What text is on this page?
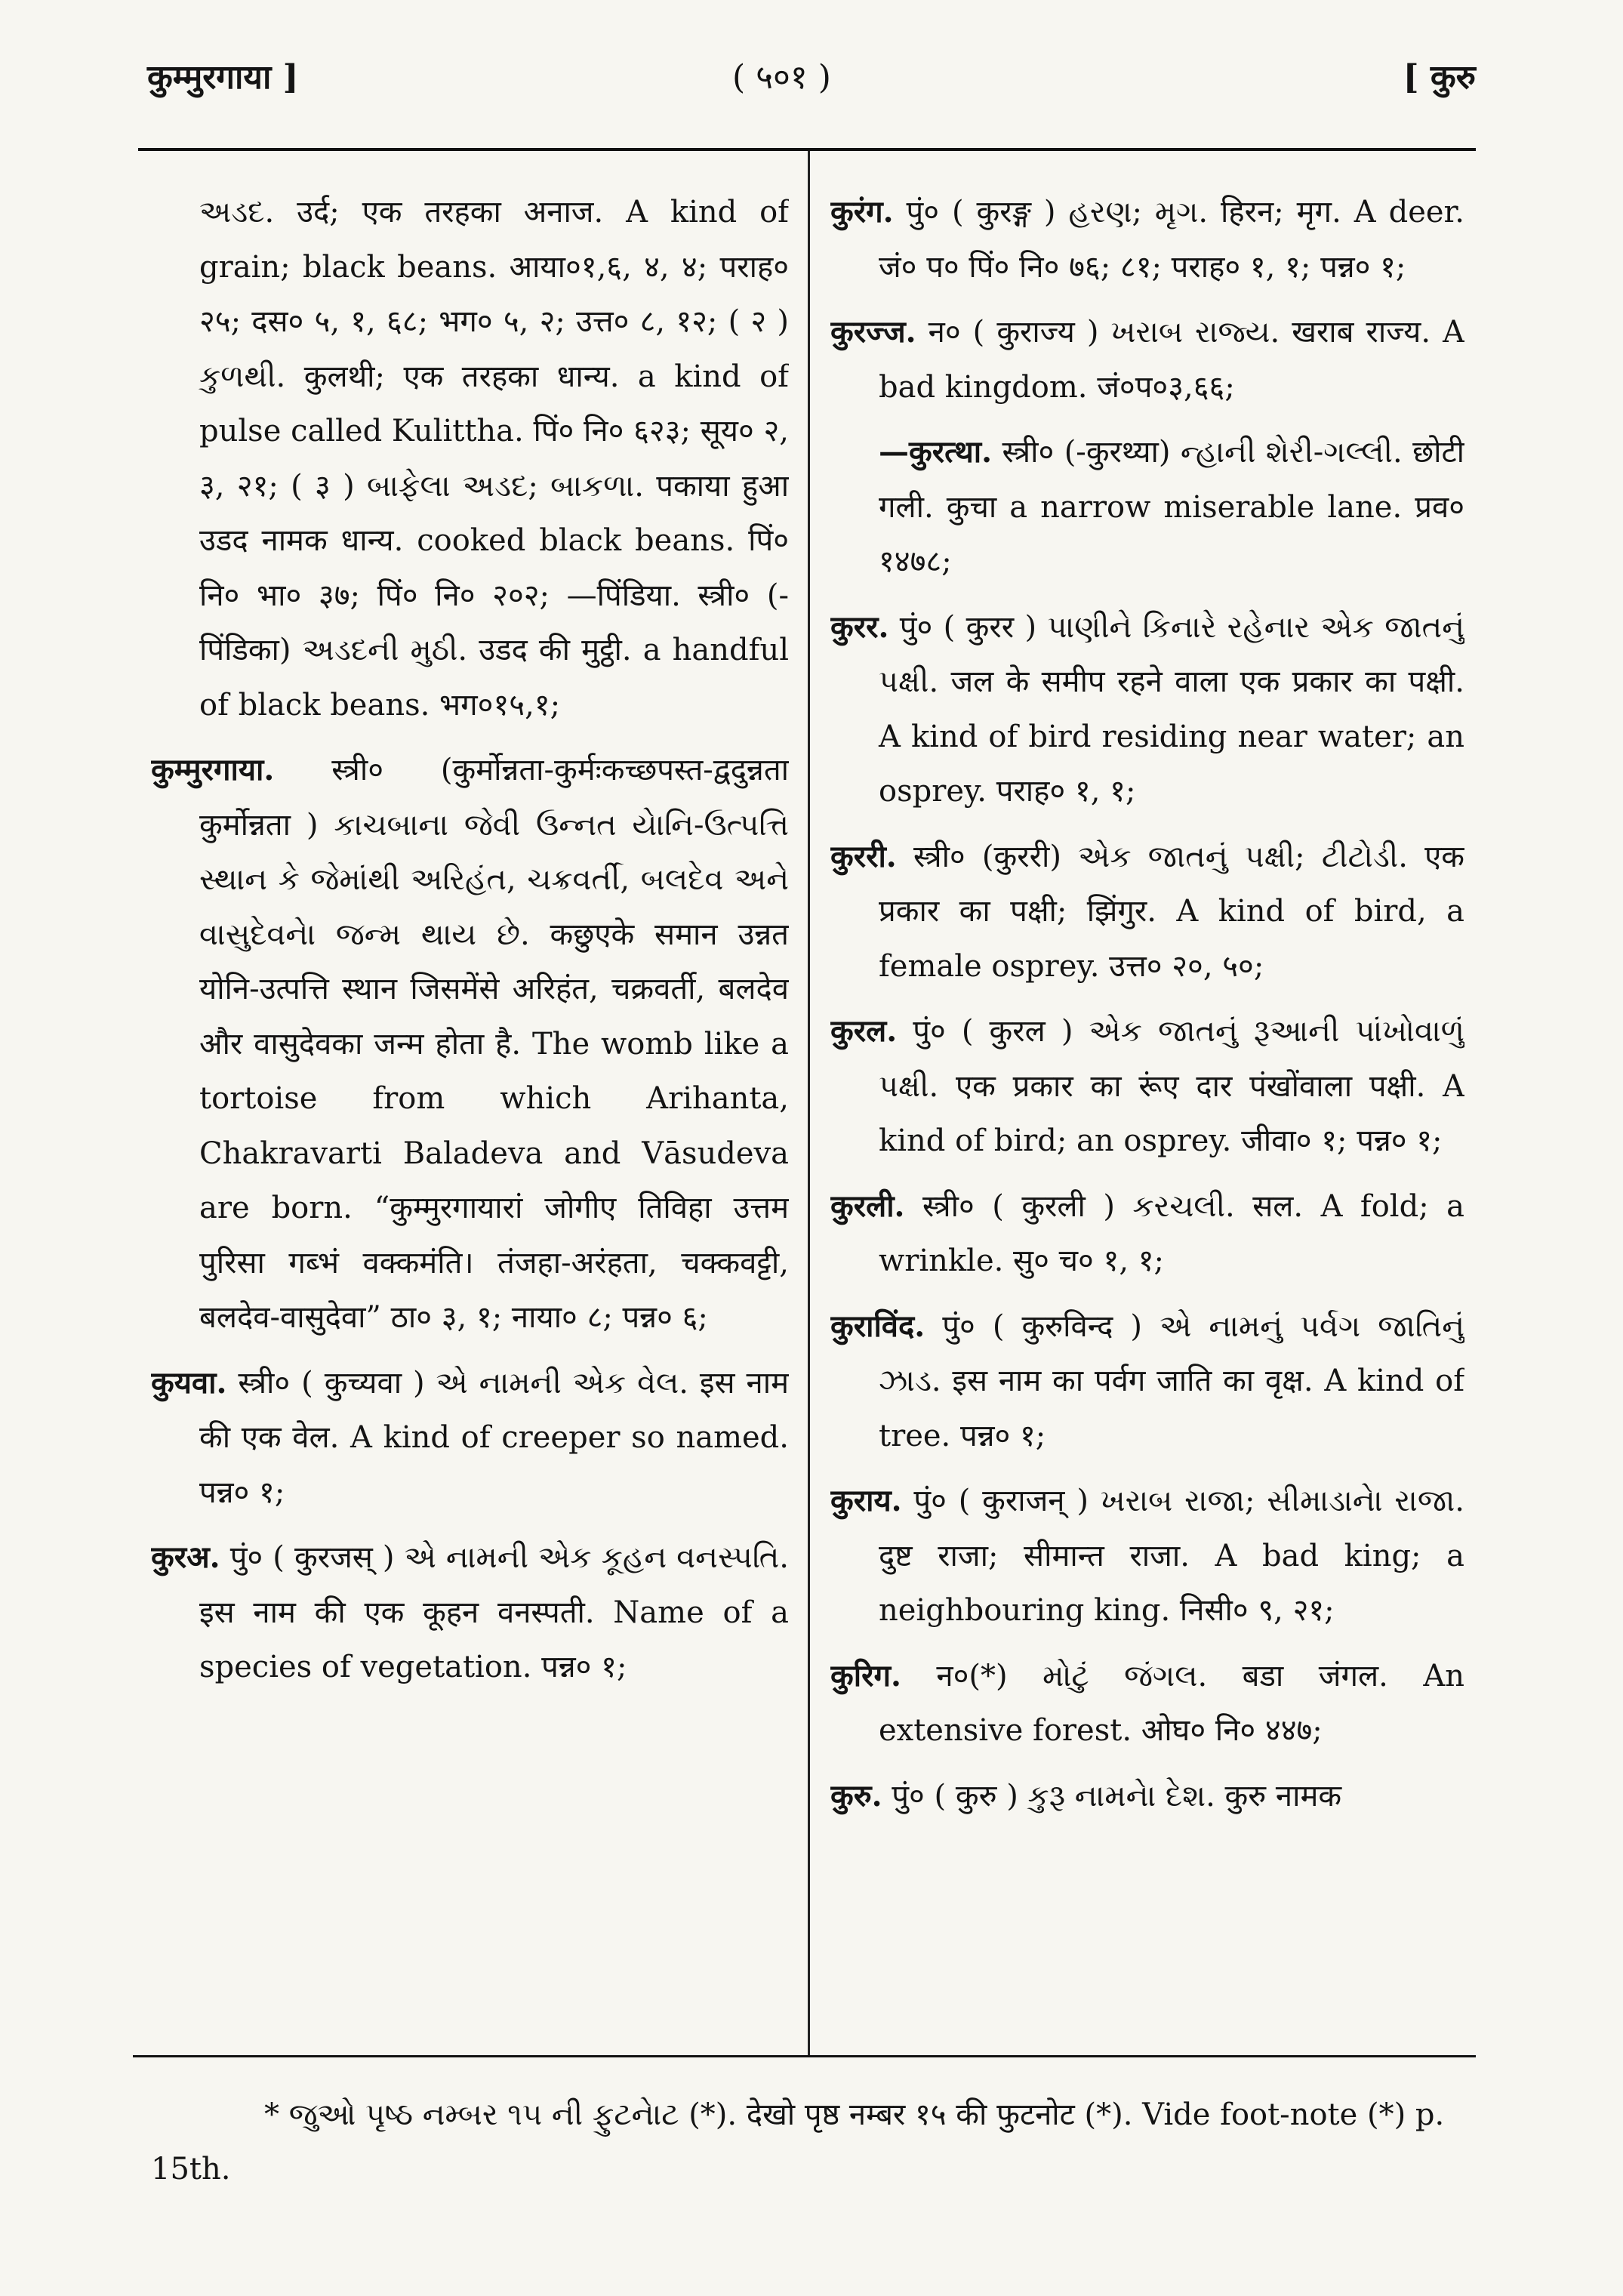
कुम्मुरगाया ]	( ५०१ )	[ कुरु

અડદ. उर्द; एक तरहका अनाज. A kind of grain; black beans. आया०१,६, ४, ४; पराह० २५; दस० ५, १, ६८; भग० ५, २; उत्त० ८, १२; ( २ ) કુળથી. कुलथी; एक तरहका धान्य. a kind of pulse called Kulittha. पिं० नि० ६२३; सूय० २, ३, २१; ( ३ ) બાફેલા અડદ; બાકળા. पकाया हुआ उडद नामक धान्य. cooked black beans. पिं० नि० भा० ३७; पिं० नि० २०२; —पिंडिया. स्त्री० (-पिंडिका) અડદની મુઠી. उडद की मुट्ठी. a handful of black beans. भग०१५,१;

कुम्मुरगाया. स्त्री० (कुर्मोन्नता-कुर्मःकच्छपस्त-द्वदुन्नता कुर्मोन्नता ) કાચબાના જેવી ઉન્નત યેાનિ-ઉત્પત્તિ સ્થાન કે જેમાંથી અરિહંત, ચક્રવર્તી, બલદેવ અને વાસુદેવનેા જન્મ થાય છે. कछुएके समान उन्नत योनि-उत्पत्ति स्थान जिसमेंसे अरिहंत, चक्रवर्ती, बलदेव और वासुदेवका जन्म होता है. The womb like a tortoise from which Arihanta, Chakravarti Baladeva and Vāsudeva are born. “कुम्मुरगायारां जोगीए तिविहा उत्तम पुरिसा गब्भं वक्कमंति। तंजहा-अरंहता, चक्कवट्टी, बलदेव-वासुदेवा” ठा० ३, १; नाया० ८; पन्न० ६;

कुयवा. स्त्री० ( कुच्यवा ) એ નામની એક વેલ. इस नाम की एक वेल. A kind of creeper so named. पन्न० १;

कुरअ. पुं० ( कुरजस् ) એ નામની એક કૂહન વનસ્પતિ. इस नाम की एक कूहन वनस्पती. Name of a species of vegetation. पन्न० १;

कुरंग. पुं० ( कुरङ्ग ) હરણ; મૃગ. हिरन; मृग. A deer. जं० प० पिं० नि० ७६; ८१; पराह० १, १; पन्न० १;

कुरज्ज. न० ( कुराज्य ) ખરાબ રાજ્ય. खराब राज्य. A bad kingdom. जं०प०३,६६;

—कुरत्था. स्त्री० (-कुरथ्या) ન્હાની શેરી-ગલ્લી. छोटी गली. कुचा a narrow miserable lane. प्रव० १४७८;

कुरर. पुं० ( कुरर ) પાણીને કિનારે રહેનાર એક જાતનું પક્ષી. जल के समीप रहने वाला एक प्रकार का पक्षी. A kind of bird residing near water; an osprey. पराह० १, १;

कुररी. स्त्री० (कुररी) એક જાતનું પક્ષી; ટીટોડી. एक प्रकार का पक्षी; झिंगुर. A kind of bird, a female osprey. उत्त० २०, ५०;

कुरल. पुं० ( कुरल ) એક જાતનું રૂઆની પાંખોવાળું પક્ષી. एक प्रकार का रूंए दार पंखोंवाला पक्षी. A kind of bird; an osprey. जीवा० १; पन्न० १;

कुरली. स्त्री० ( कुरली ) કરચલી. सल. A fold; a wrinkle. सु० च० १, १;

कुराविंद. पुं० ( कुरुविन्द ) એ નામનું પર્વગ જાતિનું ઝાડ. इस नाम का पर्वग जाति का वृक्ष. A kind of tree. पन्न० १;

कुराय. पुं० ( कुराजन् ) ખરાબ રાજા; સીમાડાનેા રાજા. दुष्ट राजा; सीमान्त राजा. A bad king; a neighbouring king. निसी० ९, २१;

कुरिग. न०(*) મોટું જંગલ. बडा जंगल. An extensive forest. ओघ० नि० ४४७;

कुरु. पुं० ( कुरु ) કુરૂ નામનેા દેશ. कुरु नामक

* જુઓ પૃષ્ઠ નમ્બર ૧૫ ની ફુટનેાટ (*). देखो पृष्ठ नम्बर १५ की फुटनोट (*). Vide foot-note (*) p. 15th.
